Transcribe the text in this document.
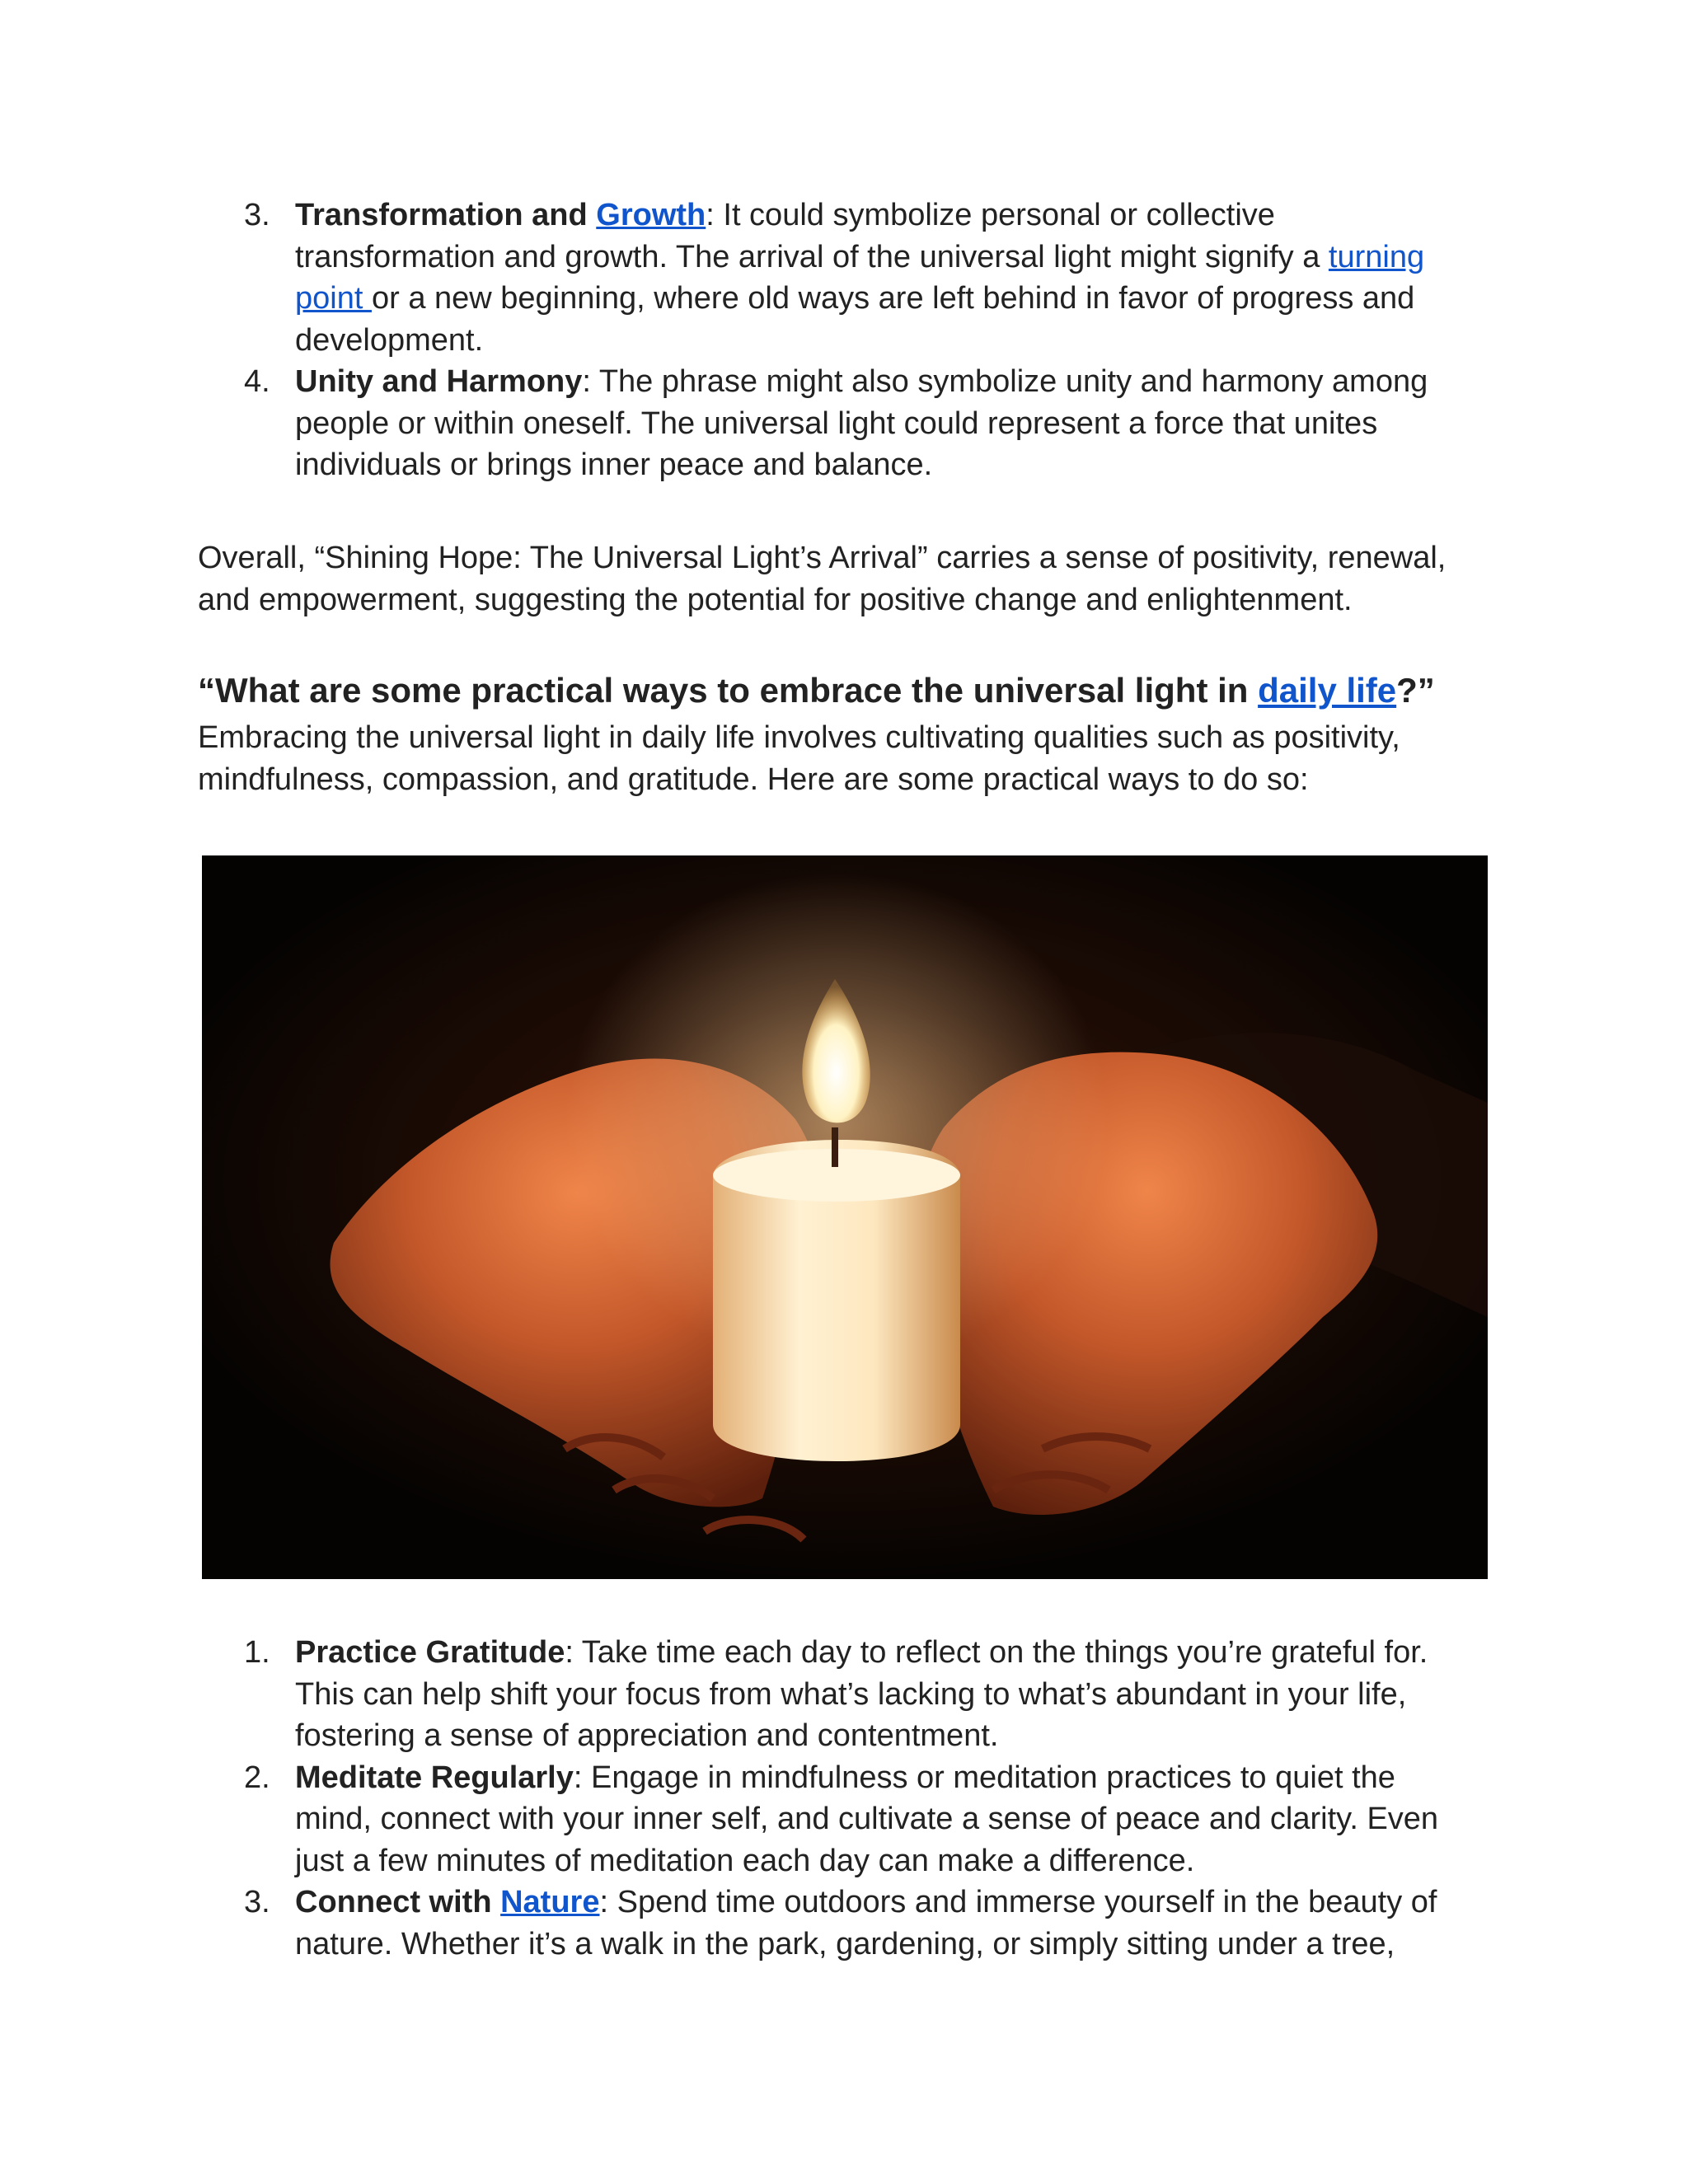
3. Transformation and Growth: It could symbolize personal or collective transformation and growth. The arrival of the universal light might signify a turning point or a new beginning, where old ways are left behind in favor of progress and development.
4. Unity and Harmony: The phrase might also symbolize unity and harmony among people or within oneself. The universal light could represent a force that unites individuals or brings inner peace and balance.

Overall, “Shining Hope: The Universal Light’s Arrival” carries a sense of positivity, renewal, and empowerment, suggesting the potential for positive change and enlightenment.

“What are some practical ways to embrace the universal light in daily life?”

Embracing the universal light in daily life involves cultivating qualities such as positivity, mindfulness, compassion, and gratitude. Here are some practical ways to do so:

1. Practice Gratitude: Take time each day to reflect on the things you’re grateful for. This can help shift your focus from what’s lacking to what’s abundant in your life, fostering a sense of appreciation and contentment.
2. Meditate Regularly: Engage in mindfulness or meditation practices to quiet the mind, connect with your inner self, and cultivate a sense of peace and clarity. Even just a few minutes of meditation each day can make a difference.
3. Connect with Nature: Spend time outdoors and immerse yourself in the beauty of nature. Whether it’s a walk in the park, gardening, or simply sitting under a tree,
